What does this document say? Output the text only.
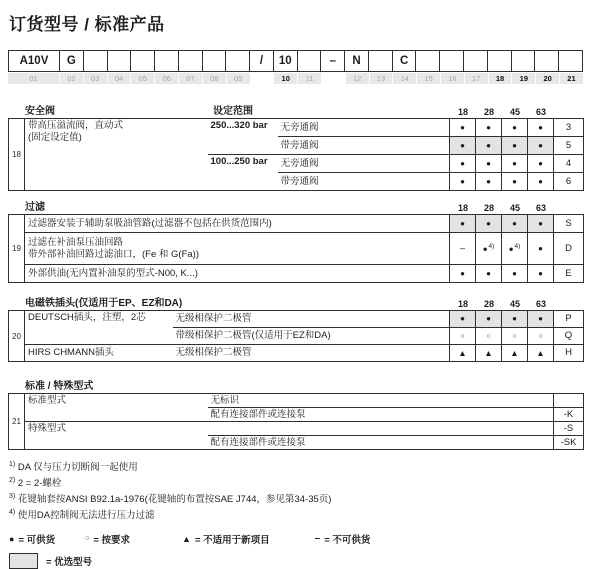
订货型号 / 标准产品
A10V	G	/	10	–	N	C
01	02	03	04	05	06	07	08	09	10	11	12	13	14	15	16	17	18	19	20	21
安全阀	设定范围	18	28	45	63
18
带高压溢流阀，直动式
(固定设定值)	250...320 bar	无旁通阀	●	●	●	●	3
		带旁通阀	●	●	●	●	5
	100...250 bar	无旁通阀	●	●	●	●	4
		带旁通阀	●	●	●	●	6
过滤	18	28	45	63
19
过滤器安装于辅助泵吸油管路(过滤器不包括在供货范围内)	●	●	●	●	S

过滤在补油泵压油回路
带外部补油回路过滤油口，(Fe 和 G(Fa))	–	●$^{4)}$	●$^{4)}$	●	D
外部供油(无内置补油泵的型式-N00, K...)	●	●	●	●	E
电磁铁插头(仅适用于EP、EZ和DA)	18	28	45	63
20
DEUTSCH插头，注塑，2芯	无级相保护二极管	●	●	●	●	P
	带级相保护二极管(仅适用于EZ和DA)	○	○	○	○	Q
HIRS CHMANN插头	无级相保护二极管	▲	▲	▲	▲	H
标准 / 特殊型式
21
标准型式	无标识	
	配有连接部件或连接泵	-K
特殊型式		-S
	配有连接部件或连接泵	-SK
$^{1)}$ DA 仅与压力切断阀一起使用
$^{2)}$ 2 = 2-螺栓
$^{3)}$ 花键轴套按ANSI B92.1a-1976(花键轴的布置按SAE J744，参见第34-35页)
$^{4)}$ 使用DA控制阀无法进行压力过滤
● = 可供货	○ = 按要求	▲ = 不适用于新项目	– = 不可供货
= 优选型号
